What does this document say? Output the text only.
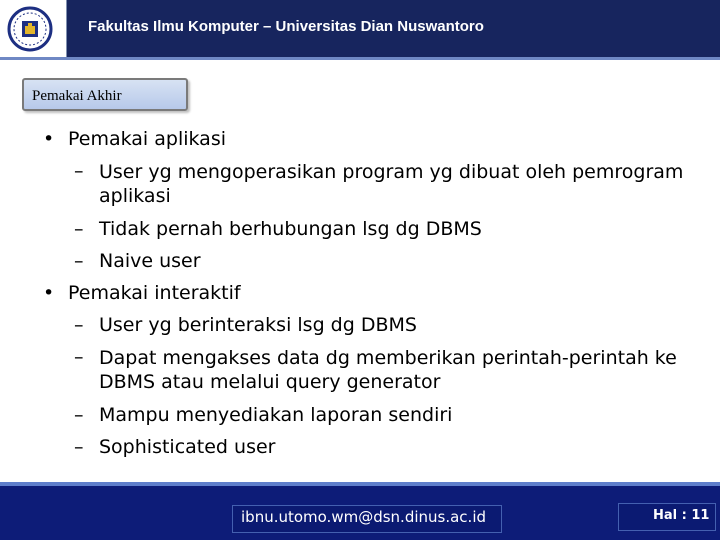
Fakultas Ilmu Komputer – Universitas Dian Nuswantoro
Pemakai Akhir
• Pemakai aplikasi
– User yg mengoperasikan program yg dibuat oleh pemrogram aplikasi
– Tidak pernah berhubungan lsg dg DBMS
– Naive user
• Pemakai interaktif
– User yg berinteraksi lsg dg DBMS
– Dapat mengakses data dg memberikan perintah-perintah ke DBMS atau melalui query generator
– Mampu menyediakan laporan sendiri
– Sophisticated user
ibnu.utomo.wm@dsn.dinus.ac.id	Hal : 11
